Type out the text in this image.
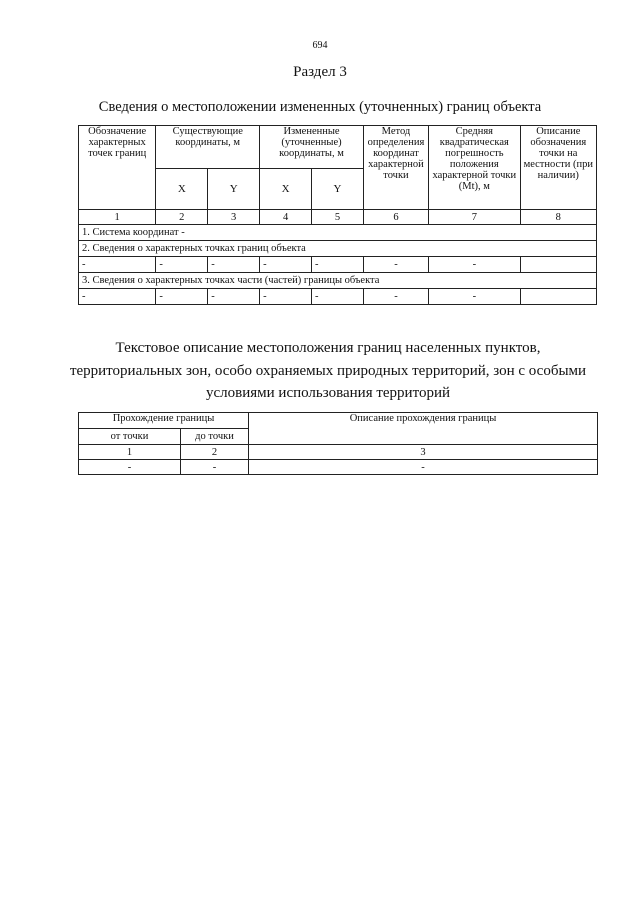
694
Раздел 3
Сведения о местоположении измененных (уточненных) границ объекта
Обозначение характерных точек границ	Существующие координаты, м		Измененные (уточненные) координаты, м		Метод определения координат характерной точки	Средняя квадратическая погрешность положения характерной точки (Mt), м	Описание обозначения точки на местности (при наличии)
	X	Y	X	Y			
1	2	3	4	5	6	7	8
1. Система координат -							
2. Сведения о характерных точках границ объекта							
-	-	-	-	-	-	-	
3. Сведения о характерных точках части (частей) границы объекта							
-	-	-	-	-	-	-	
Текстовое описание местоположения границ населенных пунктов, территориальных зон, особо охраняемых природных территорий, зон с особыми условиями использования территорий
Прохождение границы		Описание прохождения границы
от точки	до точки	
1	2	3
-	-	-
